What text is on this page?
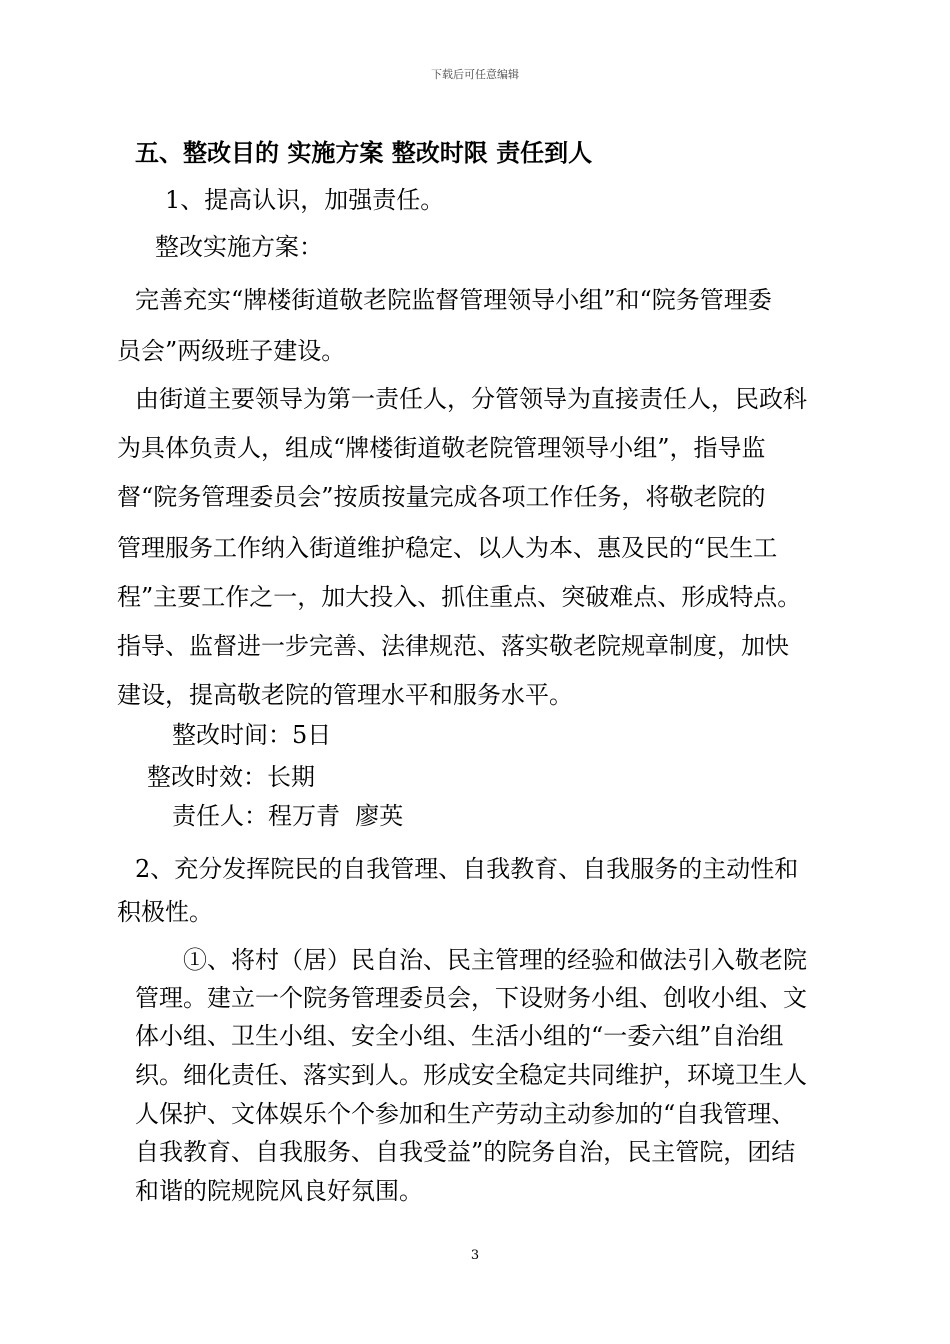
下载后可任意编辑
五、整改目的 实施方案 整改时限 责任到人
1、提高认识，加强责任。
整改实施方案：
完善充实“牌楼街道敬老院监督管理领导小组”和“院务管理委
员会”两级班子建设。
由街道主要领导为第一责任人，分管领导为直接责任人，民政科
为具体负责人，组成“牌楼街道敬老院管理领导小组”，指导监
督“院务管理委员会”按质按量完成各项工作任务，将敬老院的
管理服务工作纳入街道维护稳定、以人为本、惠及民的“民生工
程”主要工作之一，加大投入、抓住重点、突破难点、形成特点。
指导、监督进一步完善、法律规范、落实敬老院规章制度，加快
建设，提高敬老院的管理水平和服务水平。
整改时间：5日
整改时效：长期
责任人：程万青  廖英
2、充分发挥院民的自我管理、自我教育、自我服务的主动性和
积极性。
①、将村（居）民自治、民主管理的经验和做法引入敬老院
管理。建立一个院务管理委员会，下设财务小组、创收小组、文
体小组、卫生小组、安全小组、生活小组的“一委六组”自治组
织。细化责任、落实到人。形成安全稳定共同维护，环境卫生人
人保护、文体娱乐个个参加和生产劳动主动参加的“自我管理、
自我教育、自我服务、自我受益”的院务自治，民主管院，团结
和谐的院规院风良好氛围。
3
